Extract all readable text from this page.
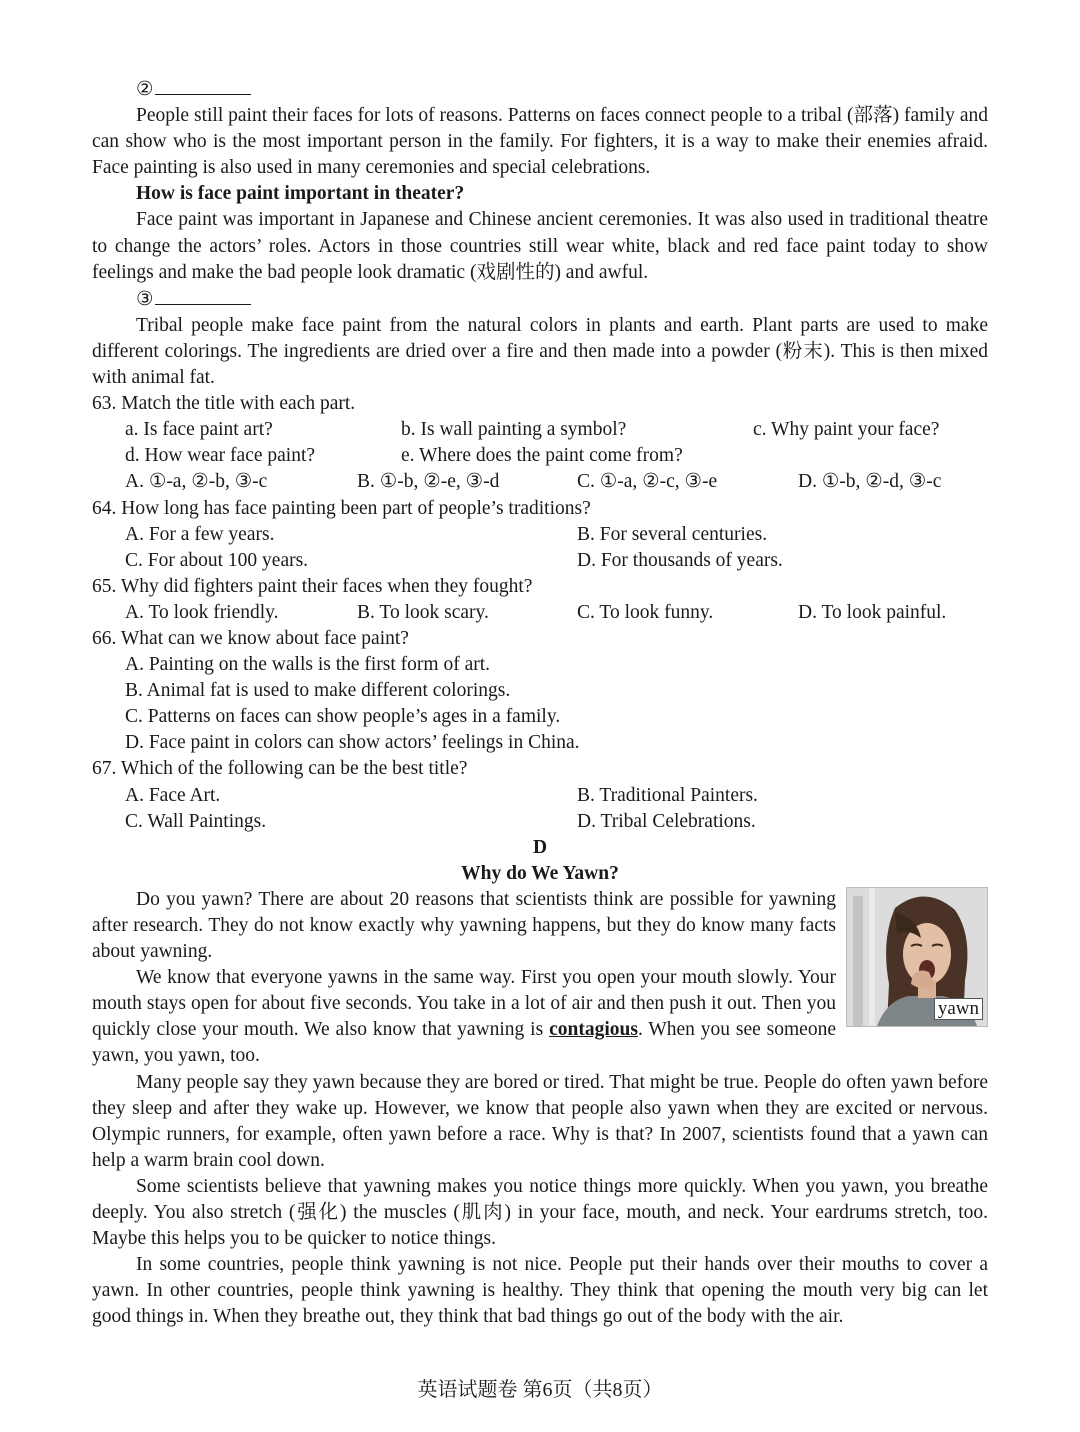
②

People still paint their faces for lots of reasons. Patterns on faces connect people to a tribal (部落) family and can show who is the most important person in the family. For fighters, it is a way to make their enemies afraid. Face painting is also used in many ceremonies and special celebrations.

How is face paint important in theater?

Face paint was important in Japanese and Chinese ancient ceremonies. It was also used in traditional theatre to change the actors’ roles. Actors in those countries still wear white, black and red face paint today to show feelings and make the bad people look dramatic (戏剧性的) and awful.

③

Tribal people make face paint from the natural colors in plants and earth. Plant parts are used to make different colorings. The ingredients are dried over a fire and then made into a powder (粉末). This is then mixed with animal fat.

63. Match the title with each part.

a. Is face paint art?	b. Is wall painting a symbol?	c. Why paint your face?
d. How wear face paint?	e. Where does the paint come from?
A. ①-a, ②-b, ③-c	B. ①-b, ②-e, ③-d	C. ①-a, ②-c, ③-e	D. ①-b, ②-d, ③-c

64. How long has face painting been part of people’s traditions?

A. For a few years.	B. For several centuries.
C. For about 100 years.	D. For thousands of years.

65. Why did fighters paint their faces when they fought?

A. To look friendly.	B. To look scary.	C. To look funny.	D. To look painful.

66. What can we know about face paint?

A. Painting on the walls is the first form of art.

B. Animal fat is used to make different colorings.

C. Patterns on faces can show people’s ages in a family.

D. Face paint in colors can show actors’ feelings in China.

67. Which of the following can be the best title?

A. Face Art.	B. Traditional Painters.
C. Wall Paintings.	D. Tribal Celebrations.

D

Why do We Yawn?

yawn

Do you yawn? There are about 20 reasons that scientists think are possible for yawning after research. They do not know exactly why yawning happens, but they do know many facts about yawning.

We know that everyone yawns in the same way. First you open your mouth slowly. Your mouth stays open for about five seconds. You take in a lot of air and then push it out. Then you quickly close your mouth. We also know that yawning is contagious. When you see someone yawn, you yawn, too.

Many people say they yawn because they are bored or tired. That might be true. People do often yawn before they sleep and after they wake up. However, we know that people also yawn when they are excited or nervous. Olympic runners, for example, often yawn before a race. Why is that? In 2007, scientists found that a yawn can help a warm brain cool down.

Some scientists believe that yawning makes you notice things more quickly. When you yawn, you breathe deeply. You also stretch (强化) the muscles (肌肉) in your face, mouth, and neck. Your eardrums stretch, too. Maybe this helps you to be quicker to notice things.

In some countries, people think yawning is not nice. People put their hands over their mouths to cover a yawn. In other countries, people think yawning is healthy. They think that opening the mouth very big can let good things in. When they breathe out, they think that bad things go out of the body with the air.

英语试题卷 第6页（共8页）
